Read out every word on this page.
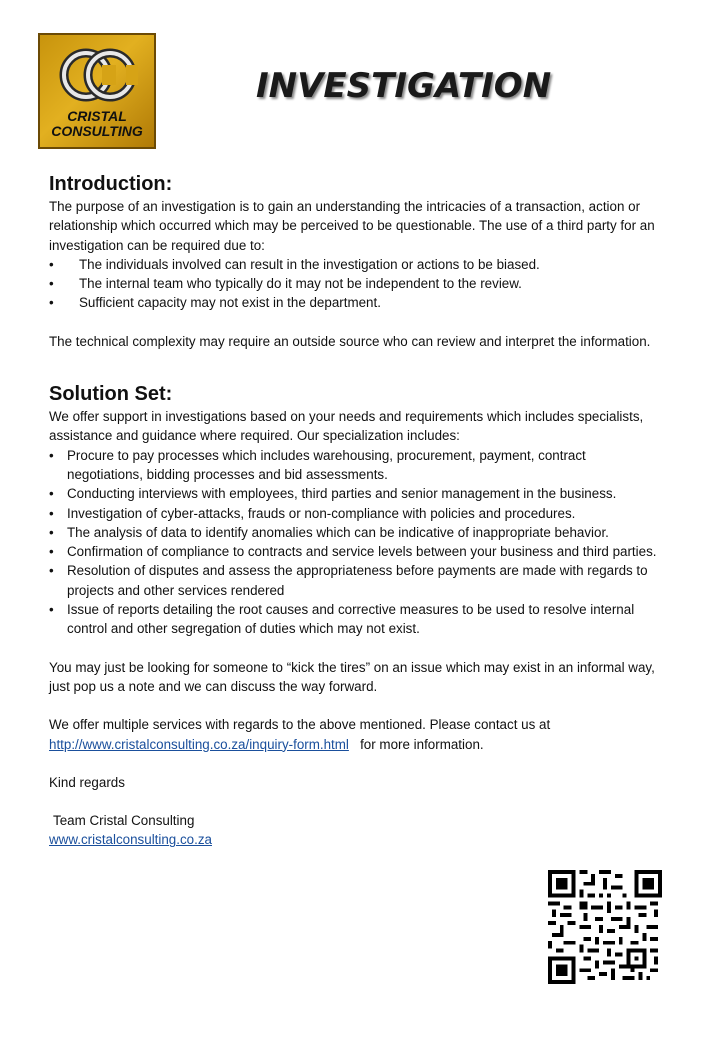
CRISTAL
CONSULTING
INVESTIGATION
Introduction:

The purpose of an investigation is to gain an understanding the intricacies of a transaction, action or relationship which occurred which may be perceived to be questionable. The use of a third party for an investigation can be required due to:

• The individuals involved can result in the investigation or actions to be biased.
• The internal team who typically do it may not be independent to the review.
• Sufficient capacity may not exist in the department.

The technical complexity may require an outside source who can review and interpret the information.

Solution Set:

We offer support in investigations based on your needs and requirements which includes specialists, assistance and guidance where required. Our specialization includes:

• Procure to pay processes which includes warehousing, procurement, payment, contract negotiations, bidding processes and bid assessments.
• Conducting interviews with employees, third parties and senior management in the business.
• Investigation of cyber-attacks, frauds or non-compliance with policies and procedures.
• The analysis of data to identify anomalies which can be indicative of inappropriate behavior.
• Confirmation of compliance to contracts and service levels between your business and third parties.
• Resolution of disputes and assess the appropriateness before payments are made with regards to projects and other services rendered
• Issue of reports detailing the root causes and corrective measures to be used to resolve internal control and other segregation of duties which may not exist.

You may just be looking for someone to “kick the tires” on an issue which may exist in an informal way, just pop us a note and we can discuss the way forward.

We offer multiple services with regards to the above mentioned. Please contact us at http://www.cristalconsulting.co.za/inquiry-form.html for more information.

Kind regards

Team Cristal Consulting

www.cristalconsulting.co.za
